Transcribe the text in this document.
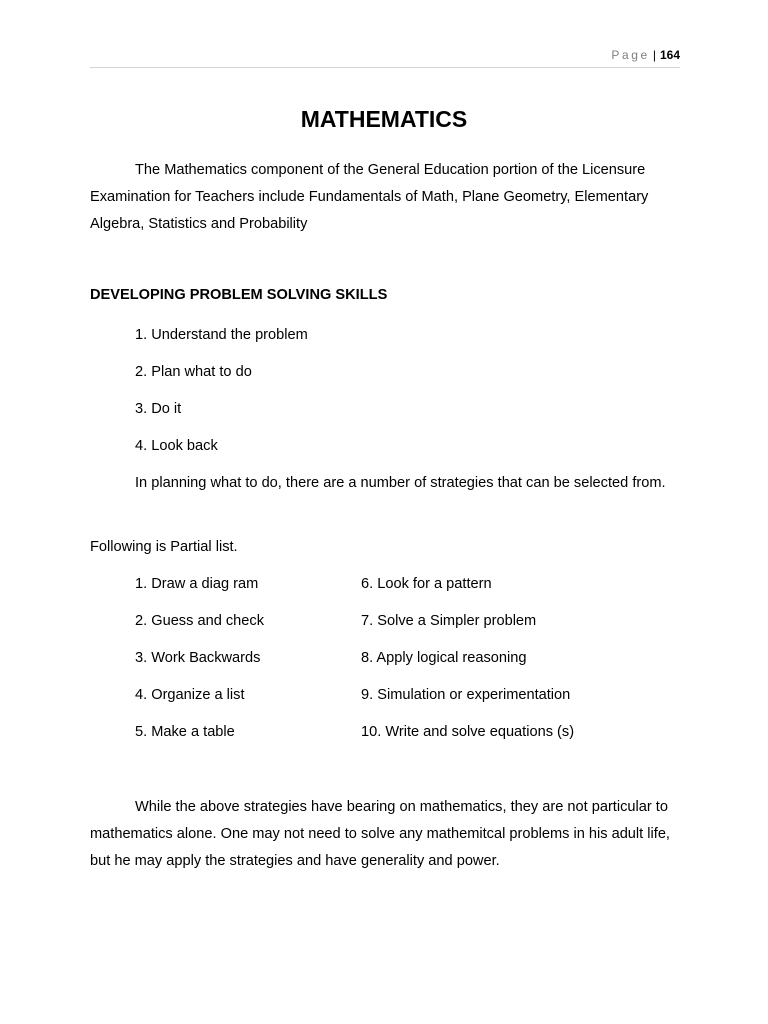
Page | 164
MATHEMATICS

The Mathematics component of the General Education portion of the Licensure Examination for Teachers include Fundamentals of Math, Plane Geometry, Elementary Algebra, Statistics and Probability

DEVELOPING PROBLEM SOLVING SKILLS

1. Understand the problem

2. Plan what to do

3. Do it

4. Look back

In planning what to do, there are a number of strategies that can be selected from.

Following is Partial list.

1. Draw a diag ram

2. Guess and check

3. Work Backwards

4. Organize a list

5. Make a table

6. Look for a pattern

7. Solve a Simpler problem

8. Apply logical reasoning

9. Simulation or experimentation

10. Write and solve equations (s)

While the above strategies have bearing on mathematics, they are not particular to mathematics alone. One may not need to solve any mathemitcal problems in his adult life, but he may apply the strategies and have generality and power.
